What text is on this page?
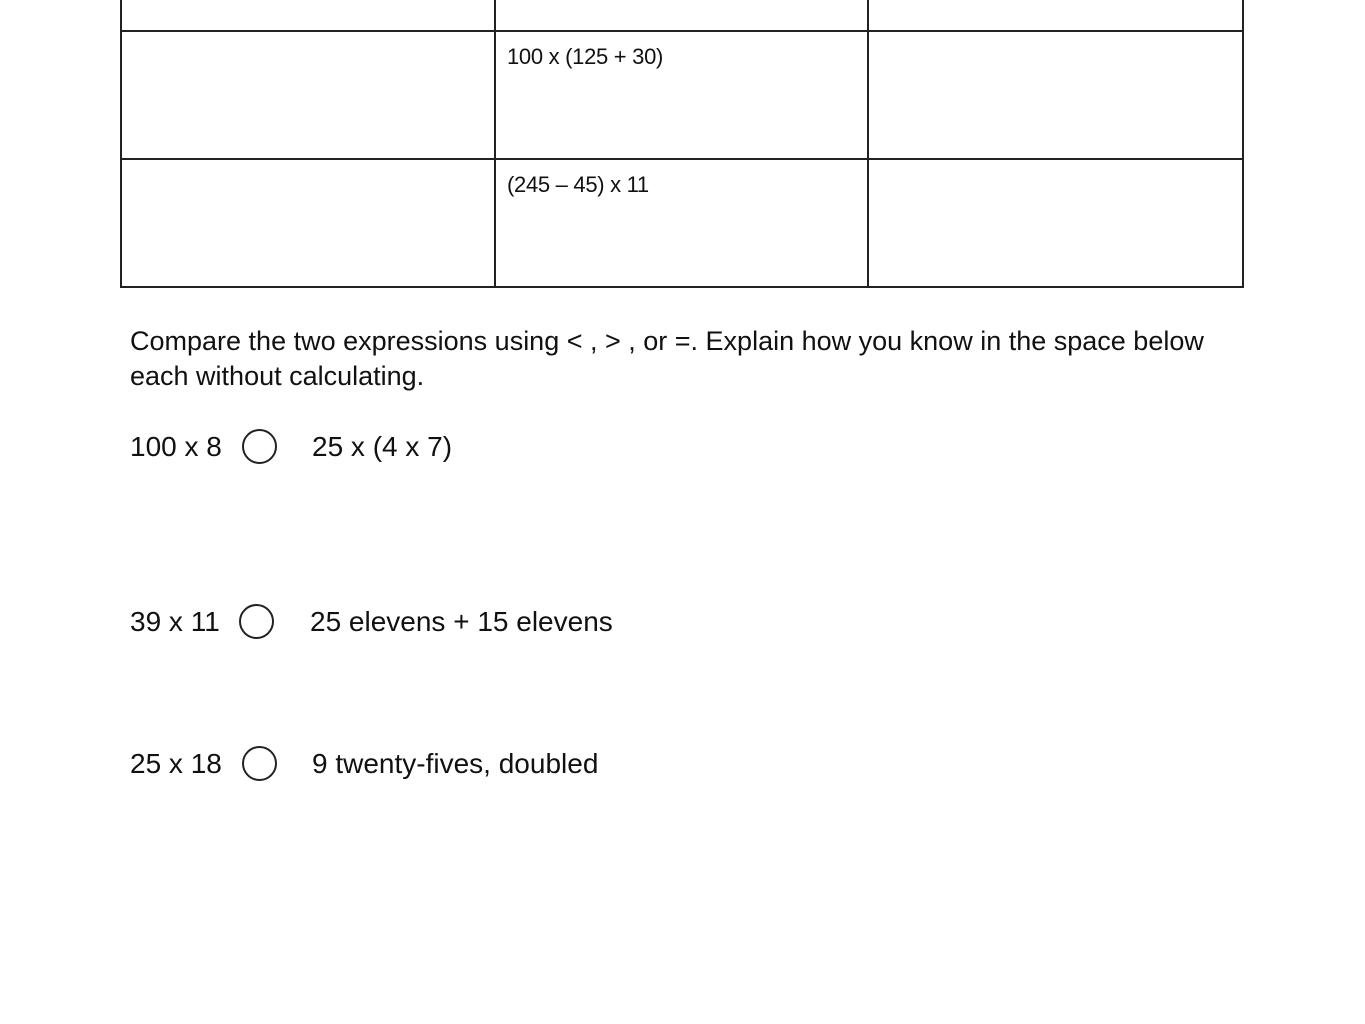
	100 x (125 + 30)	

	(245 – 45) x 11	

Compare the two expressions using < , > , or =. Explain how you know in the space below each without calculating.

100 x 8	25 x (4 x 7)
39 x 11	25 elevens + 15 elevens
25 x 18	9 twenty-fives, doubled
